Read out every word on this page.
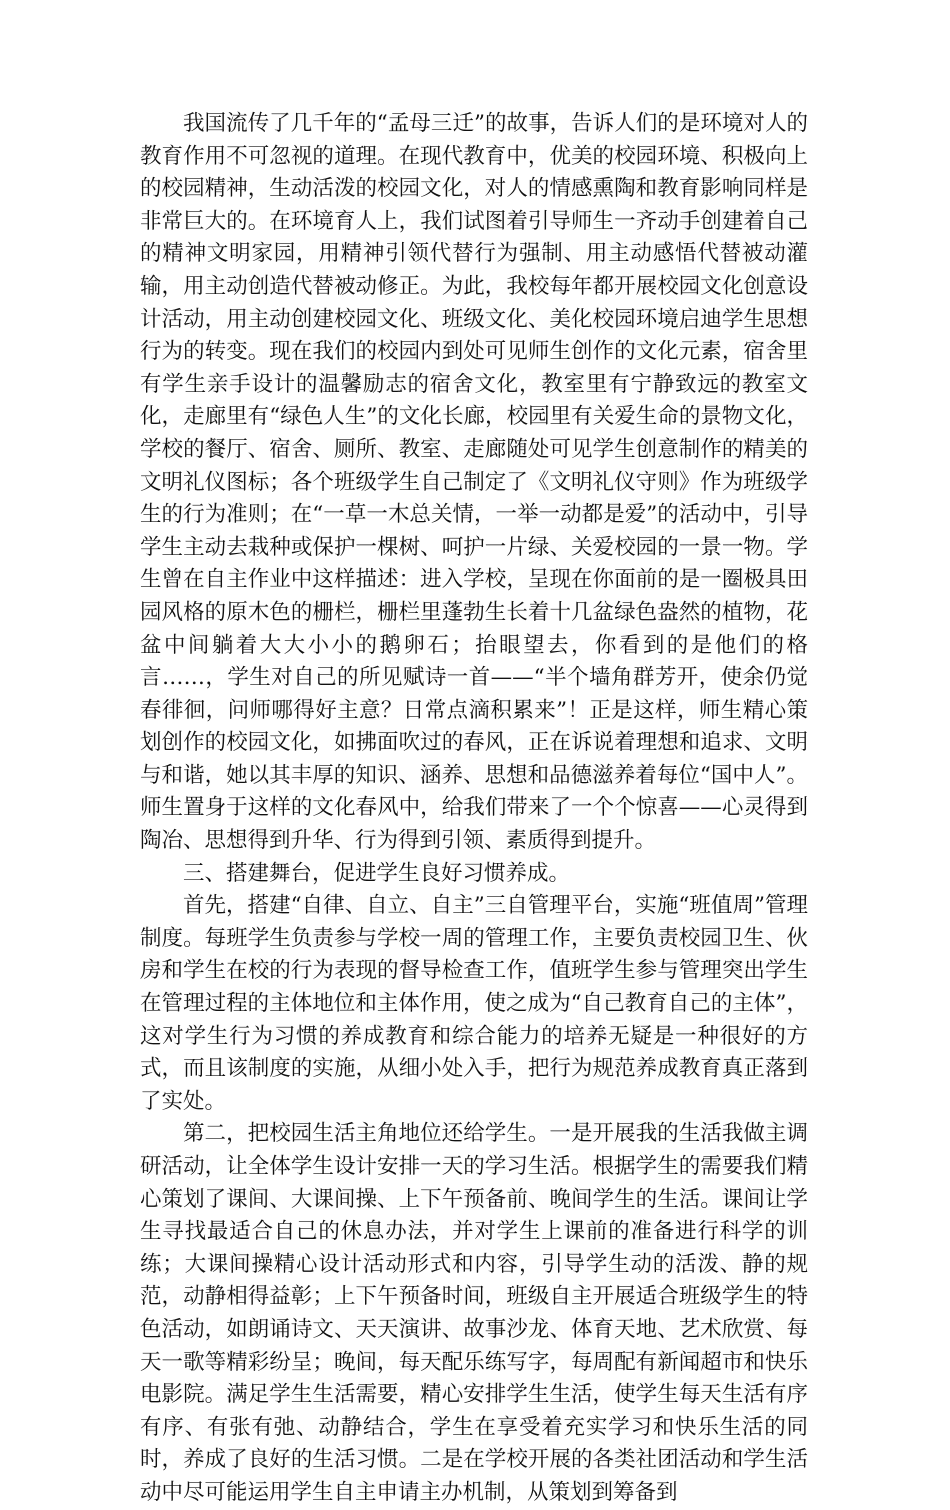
我国流传了几千年的“孟母三迁”的故事，告诉人们的是环境对人的教育作用不可忽视的道理。在现代教育中，优美的校园环境、积极向上的校园精神，生动活泼的校园文化，对人的情感熏陶和教育影响同样是非常巨大的。在环境育人上，我们试图着引导师生一齐动手创建着自己的精神文明家园，用精神引领代替行为强制、用主动感悟代替被动灌输，用主动创造代替被动修正。为此，我校每年都开展校园文化创意设计活动，用主动创建校园文化、班级文化、美化校园环境启迪学生思想行为的转变。现在我们的校园内到处可见师生创作的文化元素，宿舍里有学生亲手设计的温馨励志的宿舍文化，教室里有宁静致远的教室文化，走廊里有“绿色人生”的文化长廊，校园里有关爱生命的景物文化，学校的餐厅、宿舍、厕所、教室、走廊随处可见学生创意制作的精美的文明礼仪图标；各个班级学生自己制定了《文明礼仪守则》作为班级学生的行为准则；在“一草一木总关情，一举一动都是爱”的活动中，引导学生主动去栽种或保护一棵树、呵护一片绿、关爱校园的一景一物。学生曾在自主作业中这样描述：进入学校，呈现在你面前的是一圈极具田园风格的原木色的栅栏，栅栏里蓬勃生长着十几盆绿色盎然的植物，花盆中间躺着大大小小的鹅卵石；抬眼望去，你看到的是他们的格言……，学生对自己的所见赋诗一首——“半个墙角群芳开，使余仍觉春徘徊，问师哪得好主意？日常点滴积累来”！正是这样，师生精心策划创作的校园文化，如拂面吹过的春风，正在诉说着理想和追求、文明与和谐，她以其丰厚的知识、涵养、思想和品德滋养着每位“国中人”。师生置身于这样的文化春风中，给我们带来了一个个惊喜——心灵得到陶冶、思想得到升华、行为得到引领、素质得到提升。

三、搭建舞台，促进学生良好习惯养成。

首先，搭建“自律、自立、自主”三自管理平台，实施“班值周”管理制度。每班学生负责参与学校一周的管理工作，主要负责校园卫生、伙房和学生在校的行为表现的督导检查工作，值班学生参与管理突出学生在管理过程的主体地位和主体作用，使之成为“自己教育自己的主体”，这对学生行为习惯的养成教育和综合能力的培养无疑是一种很好的方式，而且该制度的实施，从细小处入手，把行为规范养成教育真正落到了实处。

第二，把校园生活主角地位还给学生。一是开展我的生活我做主调研活动，让全体学生设计安排一天的学习生活。根据学生的需要我们精心策划了课间、大课间操、上下午预备前、晚间学生的生活。课间让学生寻找最适合自己的休息办法，并对学生上课前的准备进行科学的训练；大课间操精心设计活动形式和内容，引导学生动的活泼、静的规范，动静相得益彰；上下午预备时间，班级自主开展适合班级学生的特色活动，如朗诵诗文、天天演讲、故事沙龙、体育天地、艺术欣赏、每天一歌等精彩纷呈；晚间，每天配乐练写字，每周配有新闻超市和快乐电影院。满足学生生活需要，精心安排学生生活，使学生每天生活有序有序、有张有弛、动静结合，学生在享受着充实学习和快乐生活的同时，养成了良好的生活习惯。二是在学校开展的各类社团活动和学生活动中尽可能运用学生自主申请主办机制，从策划到筹备到
